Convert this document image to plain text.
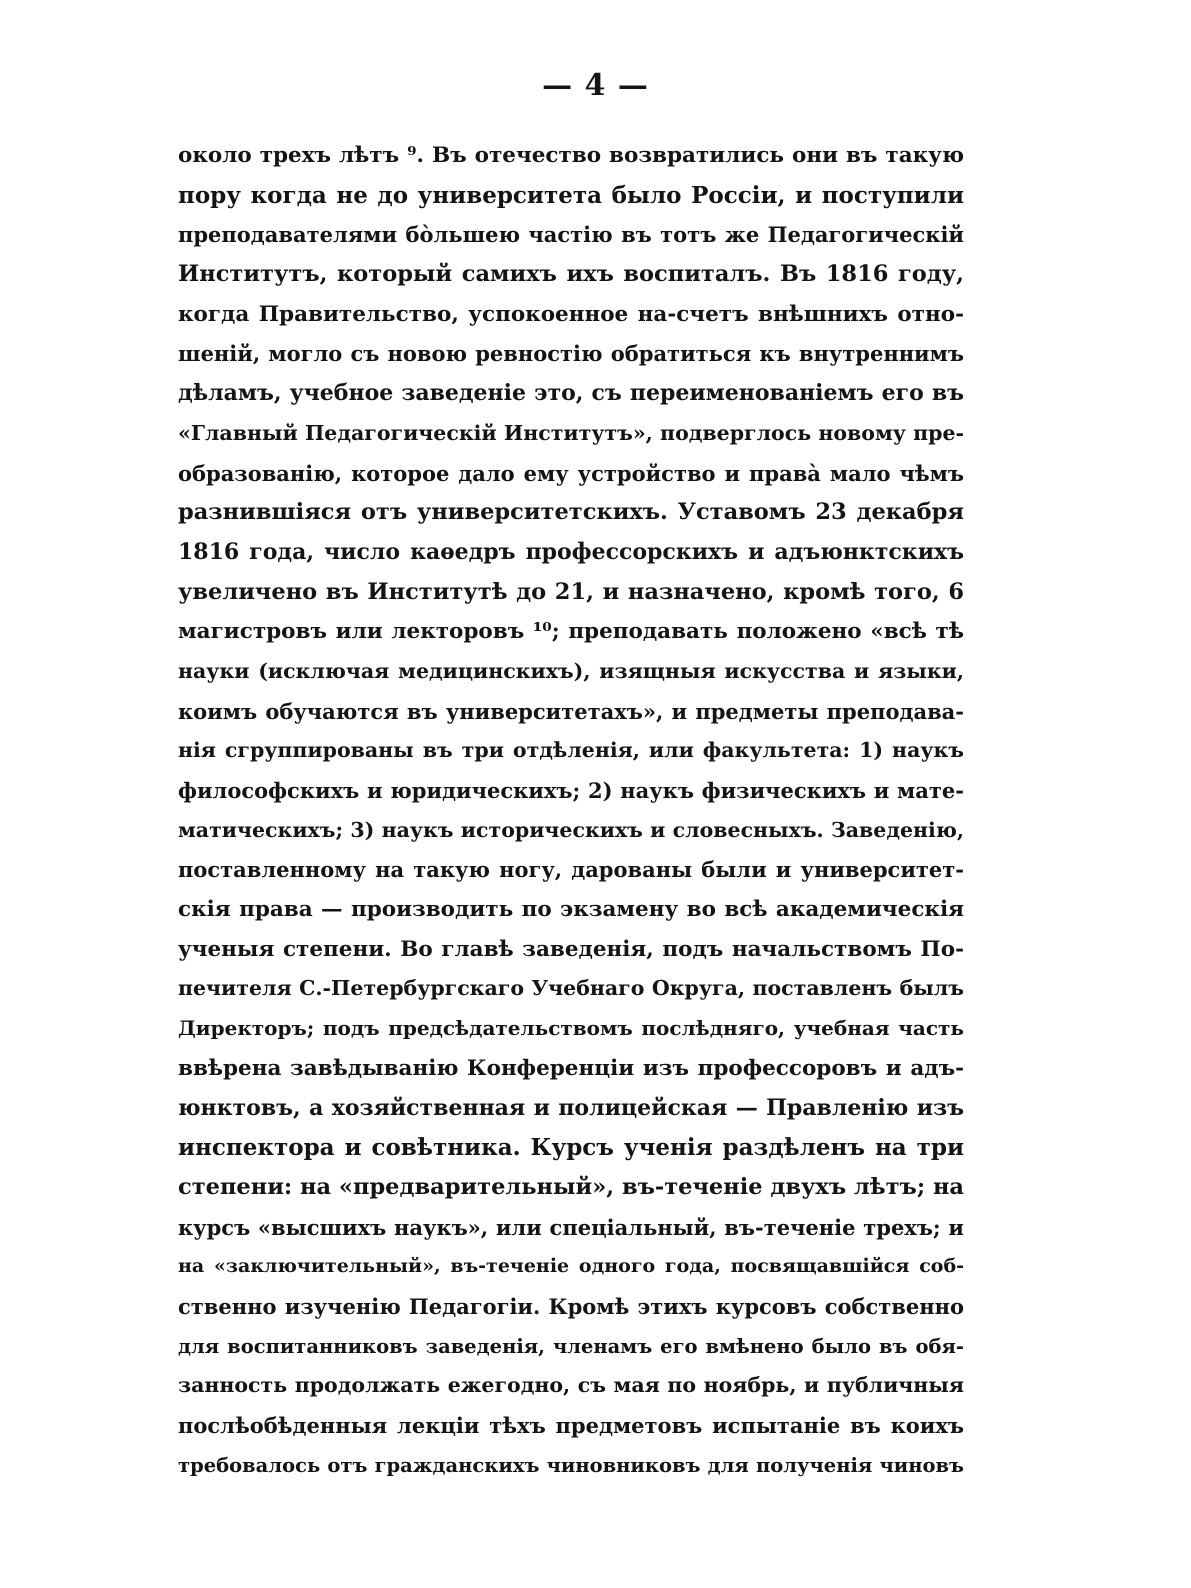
— 4 —
около трехъ лѣтъ ⁹. Въ отечество возвратились они въ такую
пору когда не до университета было Россіи, и поступили
преподавателями бо̀льшею частію въ тотъ же Педагогическій
Институтъ, который самихъ ихъ воспиталъ. Въ 1816 году,
когда Правительство, успокоенное на-счетъ внѣшнихъ отно-
шеній, могло съ новою ревностію обратиться къ внутреннимъ
дѣламъ, учебное заведеніе это, съ переименованіемъ его въ
«Главный Педагогическій Институтъ», подверглось новому пре-
образованію, которое дало ему устройство и права̀ мало чѣмъ
разнившіяся отъ университетскихъ. Уставомъ 23 декабря
1816 года, число каѳедръ профессорскихъ и адъюнктскихъ
увеличено въ Институтѣ до 21, и назначено, кромѣ того, 6
магистровъ или лекторовъ ¹⁰; преподавать положено «всѣ тѣ
науки (исключая медицинскихъ), изящныя искусства и языки,
коимъ обучаются въ университетахъ», и предметы преподава-
нія сгруппированы въ три отдѣленія, или факультета: 1) наукъ
философскихъ и юридическихъ; 2) наукъ физическихъ и мате-
матическихъ; 3) наукъ историческихъ и словесныхъ. Заведенію,
поставленному на такую ногу, дарованы были и университет-
скія права — производить по экзамену во всѣ академическія
ученыя степени. Во главѣ заведенія, подъ начальствомъ По-
печителя С.-Петербургскаго Учебнаго Округа, поставленъ былъ
Директоръ; подъ предсѣдательствомъ послѣдняго, учебная часть
ввѣрена завѣдыванію Конференціи изъ профессоровъ и адъ-
юнктовъ, а хозяйственная и полицейская — Правленію изъ
инспектора и совѣтника. Курсъ ученія раздѣленъ на три
степени: на «предварительный», въ-теченіе двухъ лѣтъ; на
курсъ «высшихъ наукъ», или спеціальный, въ-теченіе трехъ; и
на «заключительный», въ-теченіе одного года, посвящавшійся соб-
ственно изученію Педагогіи. Кромѣ этихъ курсовъ собственно
для воспитанниковъ заведенія, членамъ его вмѣнено было въ обя-
занность продолжать ежегодно, съ мая по ноябрь, и публичныя
послѣобѣденныя лекціи тѣхъ предметовъ испытаніе въ коихъ
требовалось отъ гражданскихъ чиновниковъ для полученія чиновъ
